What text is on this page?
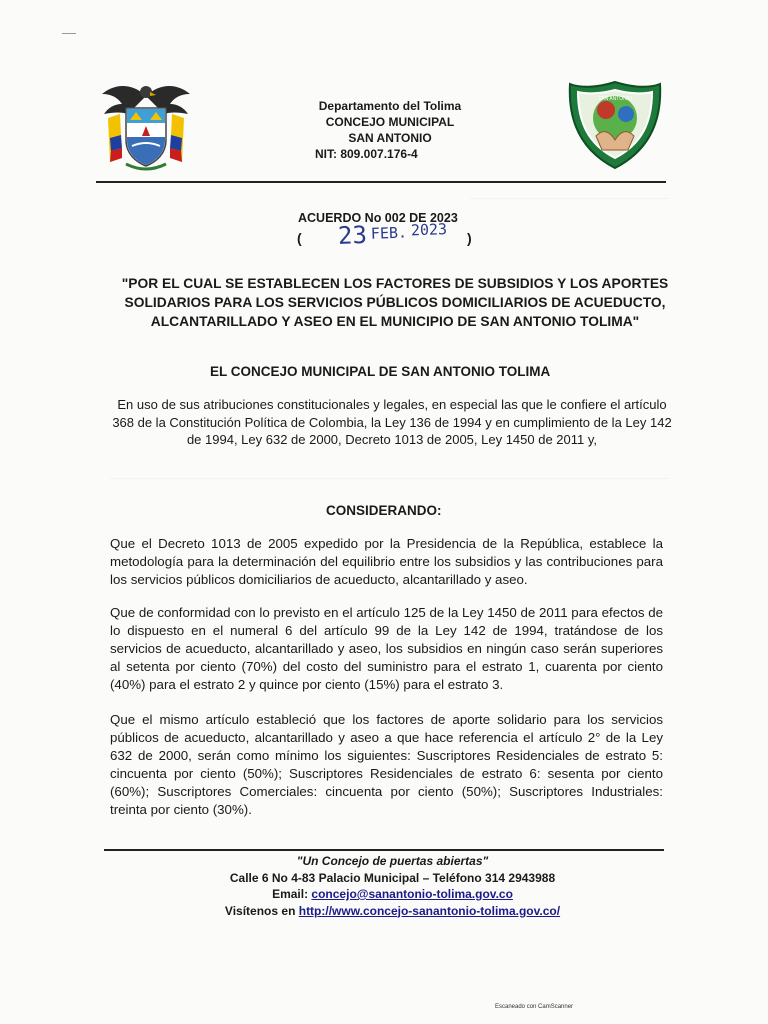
Departamento del Tolima
CONCEJO MUNICIPAL
SAN ANTONIO
NIT: 809.007.176-4
SAN ANTONIO
ACUERDO No 002 DE 2023
( 23 FEB. 2023 )
"POR EL CUAL SE ESTABLECEN LOS FACTORES DE SUBSIDIOS Y LOS APORTES SOLIDARIOS PARA LOS SERVICIOS PÚBLICOS DOMICILIARIOS DE ACUEDUCTO, ALCANTARILLADO Y ASEO EN EL MUNICIPIO DE SAN ANTONIO TOLIMA"
EL CONCEJO MUNICIPAL DE SAN ANTONIO TOLIMA
En uso de sus atribuciones constitucionales y legales, en especial las que le confiere el artículo 368 de la Constitución Política de Colombia, la Ley 136 de 1994 y en cumplimiento de la Ley 142 de 1994, Ley 632 de 2000, Decreto 1013 de 2005, Ley 1450 de 2011 y,
CONSIDERANDO:
Que el Decreto 1013 de 2005 expedido por la Presidencia de la República, establece la metodología para la determinación del equilibrio entre los subsidios y las contribuciones para los servicios públicos domiciliarios de acueducto, alcantarillado y aseo.
Que de conformidad con lo previsto en el artículo 125 de la Ley 1450 de 2011 para efectos de lo dispuesto en el numeral 6 del artículo 99 de la Ley 142 de 1994, tratándose de los servicios de acueducto, alcantarillado y aseo, los subsidios en ningún caso serán superiores al setenta por ciento (70%) del costo del suministro para el estrato 1, cuarenta por ciento (40%) para el estrato 2 y quince por ciento (15%) para el estrato 3.
Que el mismo artículo estableció que los factores de aporte solidario para los servicios públicos de acueducto, alcantarillado y aseo a que hace referencia el artículo 2° de la Ley 632 de 2000, serán como mínimo los siguientes: Suscriptores Residenciales de estrato 5: cincuenta por ciento (50%); Suscriptores Residenciales de estrato 6: sesenta por ciento (60%); Suscriptores Comerciales: cincuenta por ciento (50%); Suscriptores Industriales: treinta por ciento (30%).
"Un Concejo de puertas abiertas"
Calle 6 No 4-83 Palacio Municipal – Teléfono 314 2943988
Email: concejo@sanantonio-tolima.gov.co
Visítenos en http://www.concejo-sanantonio-tolima.gov.co/
Escaneado con CamScanner
